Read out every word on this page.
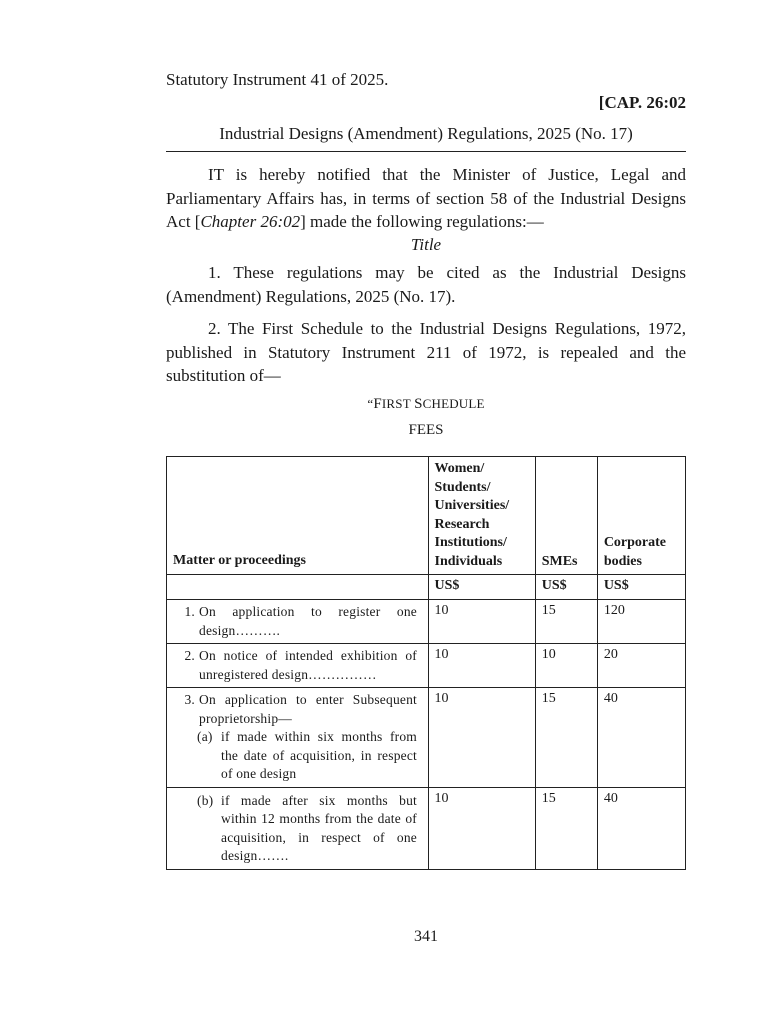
Statutory Instrument 41 of 2025.
[CAP. 26:02
Industrial Designs (Amendment) Regulations, 2025 (No. 17)
IT is hereby notified that the Minister of Justice, Legal and Parliamentary Affairs has, in terms of section 58 of the Industrial Designs Act [Chapter 26:02] made the following regulations:—
Title
1. These regulations may be cited as the Industrial Designs (Amendment) Regulations, 2025 (No. 17).
2. The First Schedule to the Industrial Designs Regulations, 1972, published in Statutory Instrument 211 of 1972, is repealed and the substitution of—
“FIRST SCHEDULE
FEES
Matter or proceedings	Women/ Students/ Universities/ Research Institutions/ Individuals	SMEs	Corporate bodies
	US$	US$	US$
1. On application to register one design……….	10	15	120
2. On notice of intended exhibition of unregistered design……………	10	10	20
3. On application to enter Subsequent proprietorship—
(a) if made within six months from the date of acquisition, in respect of one design	10	15	40

(b) if made after six months but within 12 months from the date of acquisition, in respect of one design…….	10	15	40
341
